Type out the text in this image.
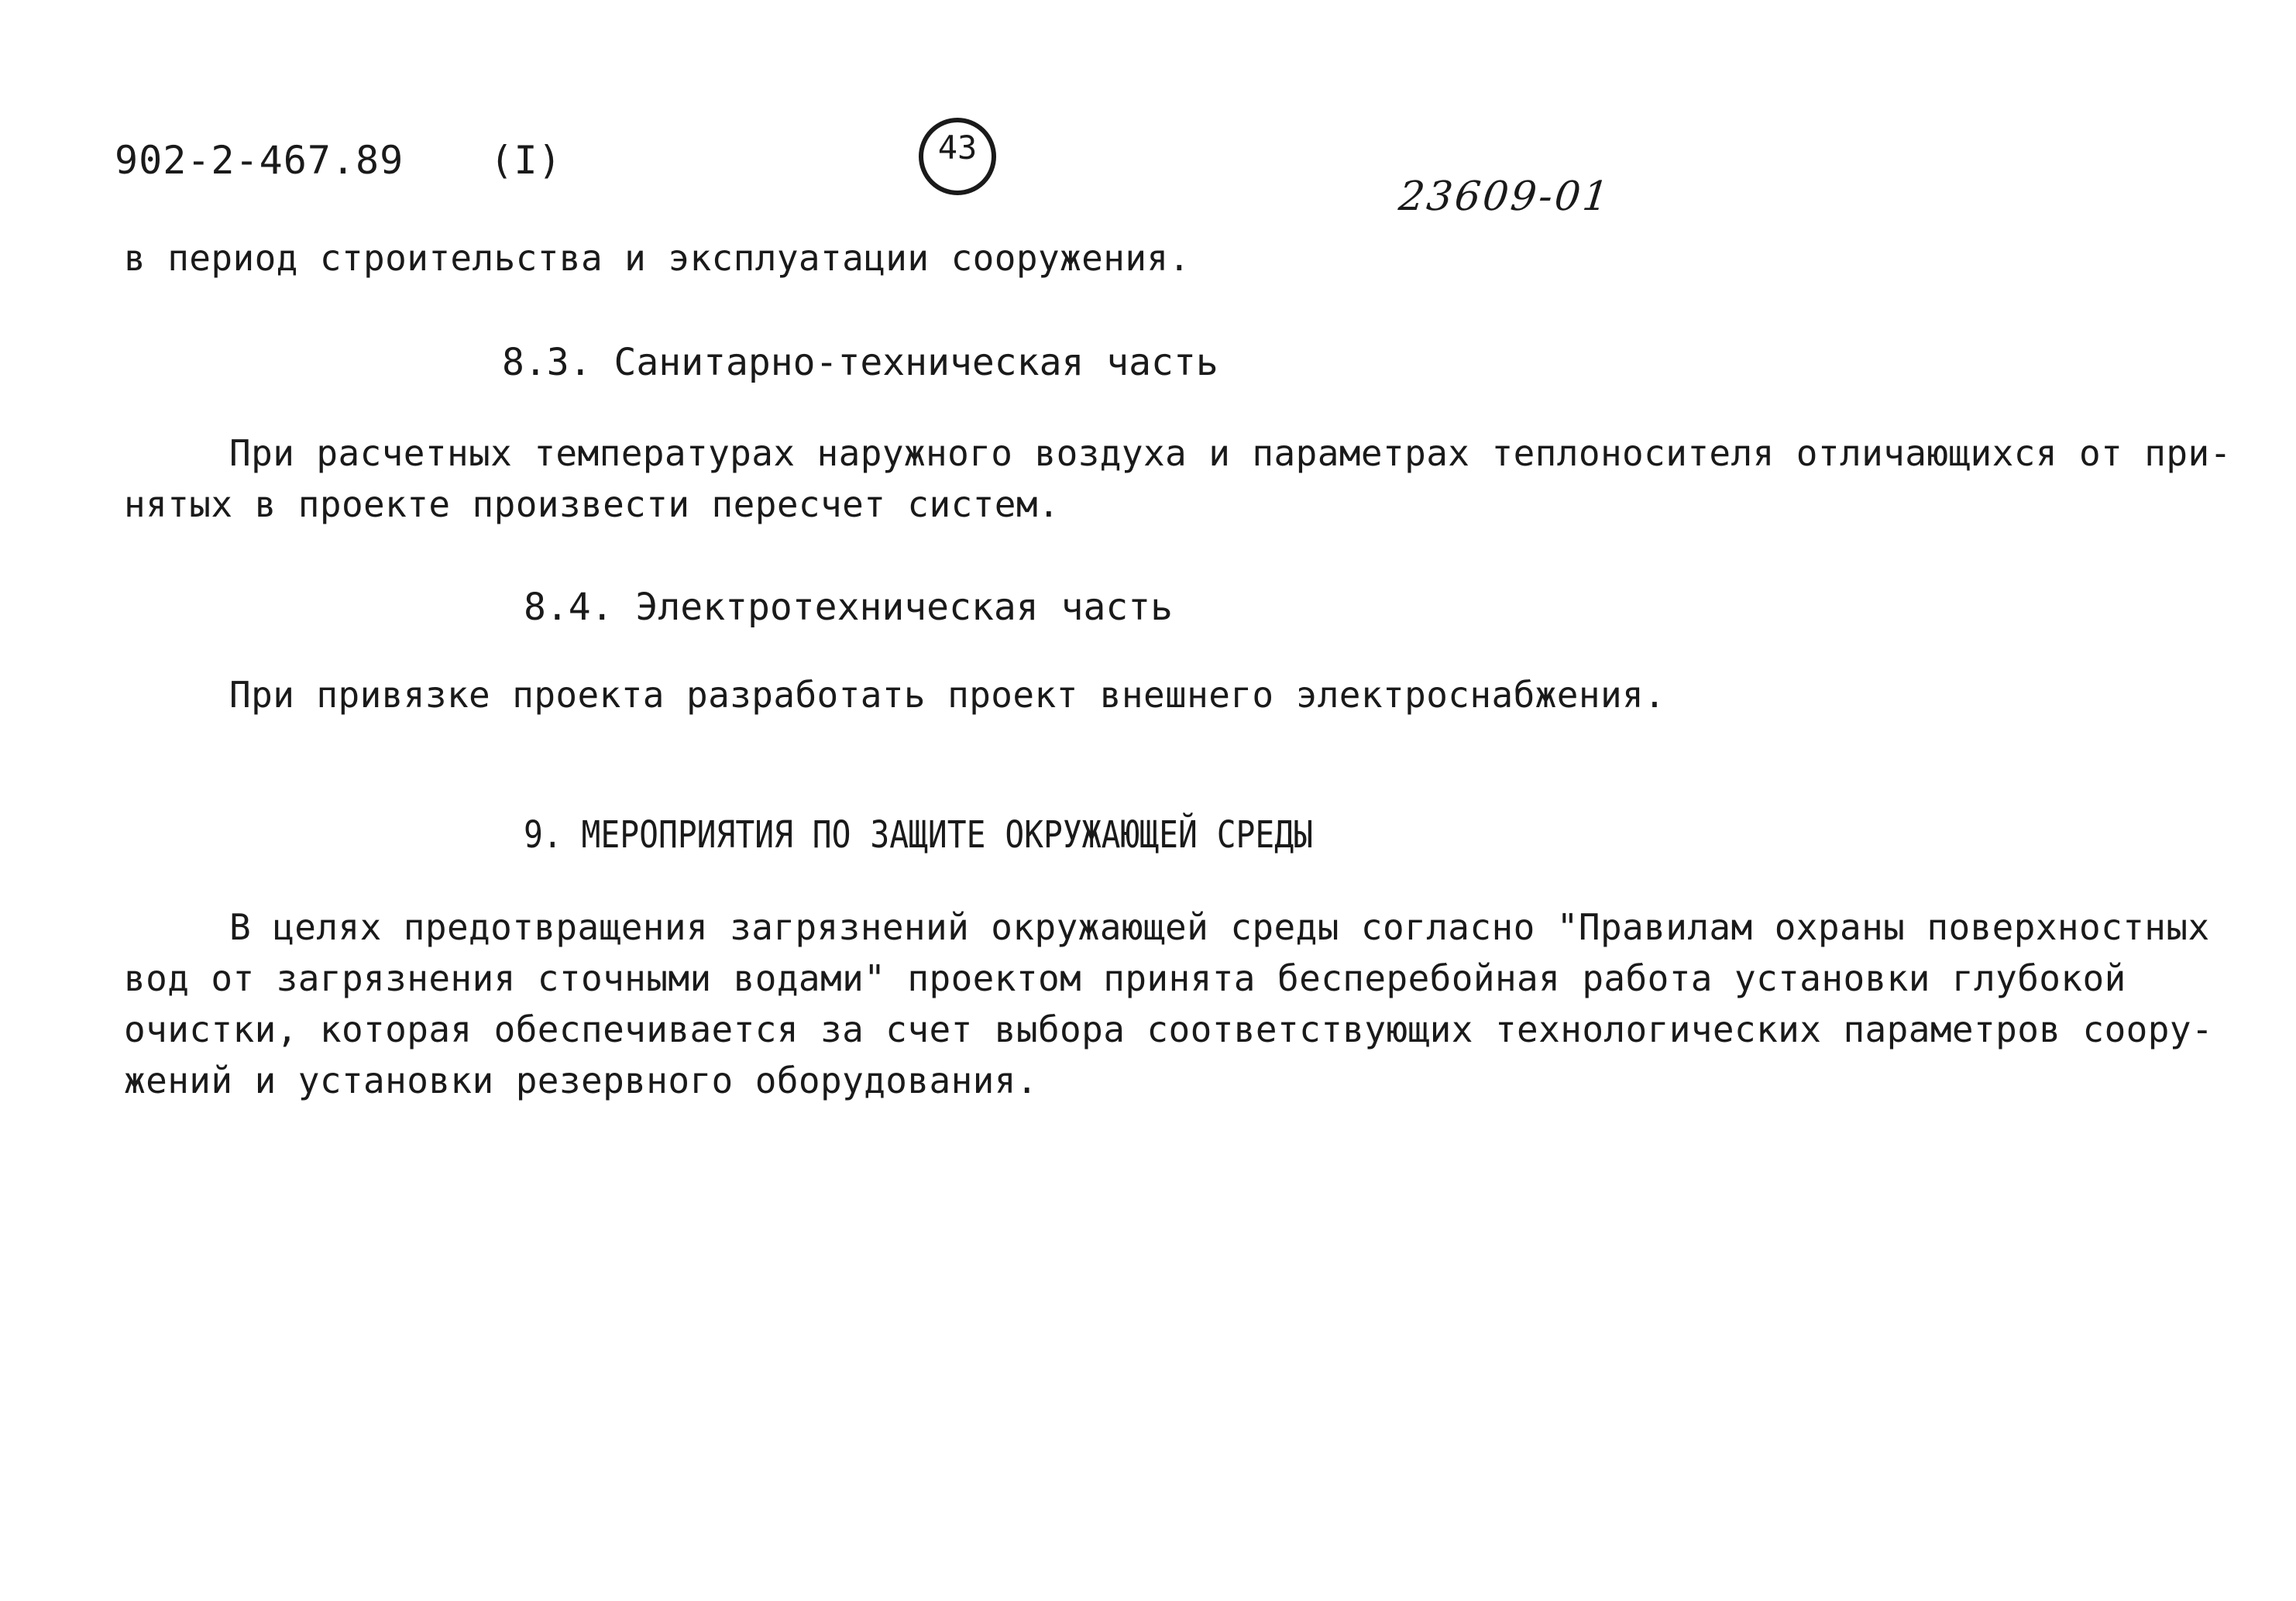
902-2-467.89 (I)	43
23609-01
в период строительства и эксплуатации сооружения.
8.3. Санитарно-техническая часть
При расчетных температурах наружного воздуха и параметрах теплоносителя отличающихся от при-
нятых в проекте произвести пересчет систем.
8.4. Электротехническая часть
При привязке проекта разработать проект внешнего электроснабжения.
9. МЕРОПРИЯТИЯ ПО ЗАЩИТЕ ОКРУЖАЮЩЕЙ СРЕДЫ
В целях предотвращения загрязнений окружающей среды согласно "Правилам охраны поверхностных
вод от загрязнения сточными водами" проектом принята бесперебойная работа установки глубокой
очистки, которая обеспечивается за счет выбора соответствующих технологических параметров соору-
жений и установки резервного оборудования.
